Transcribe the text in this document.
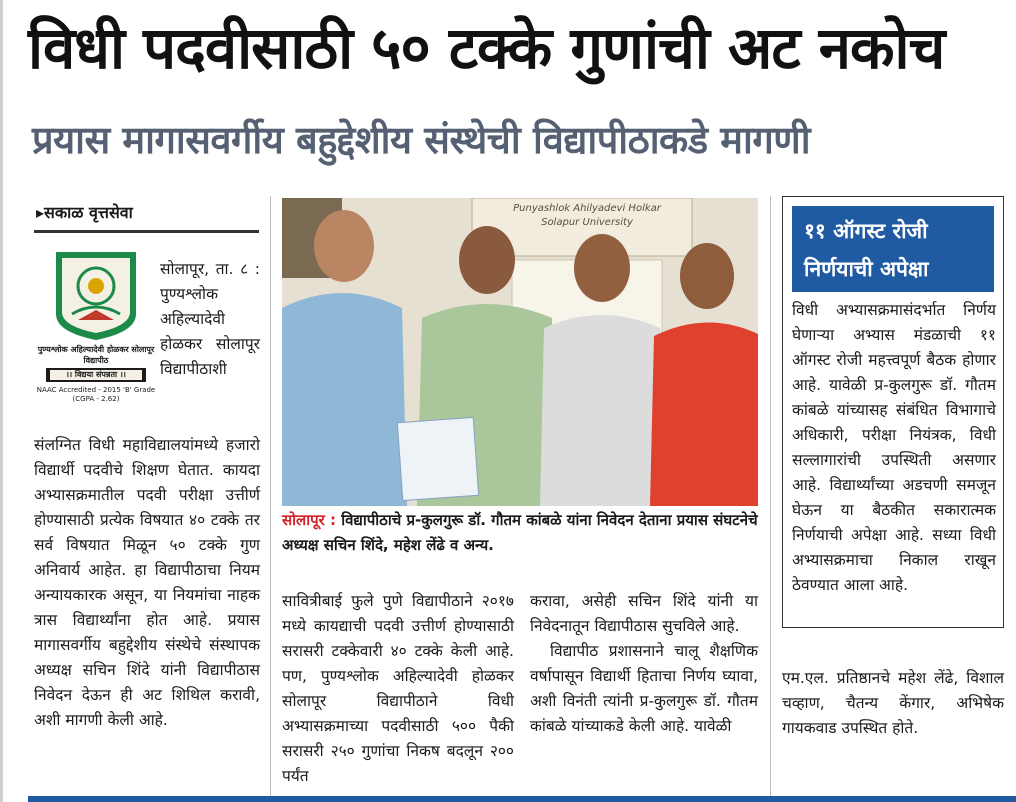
विधी पदवीसाठी ५० टक्के गुणांची अट नकोच
प्रयास मागासवर्गीय बहुद्देशीय संस्थेची विद्यापीठाकडे मागणी
▸सकाळ वृत्तसेवा
पुण्यश्लोक अहिल्यादेवी होळकर सोलापूर विद्यापीठ
।। विद्यया संपन्नता ।।
NAAC Accredited - 2015 'B' Grade (CGPA - 2.62)
सोलापूर, ता. ८ : पुण्यश्लोक अहिल्यादेवी होळकर सोलापूर विद्यापीठाशी
संलग्नित विधी महाविद्यालयांमध्ये हजारो विद्यार्थी पदवीचे शिक्षण घेतात. कायदा अभ्यासक्रमातील पदवी परीक्षा उत्तीर्ण होण्यासाठी प्रत्येक विषयात ४० टक्के तर सर्व विषयात मिळून ५० टक्के गुण अनिवार्य आहेत. हा विद्यापीठाचा नियम अन्यायकारक असून, या नियमांचा नाहक त्रास विद्यार्थ्यांना होत आहे. प्रयास मागासवर्गीय बहुद्देशीय संस्थेचे संस्थापक अध्यक्ष सचिन शिंदे यांनी विद्यापीठास निवेदन देऊन ही अट शिथिल करावी, अशी मागणी केली आहे.
Punyashlok Ahilyadevi Holkar
Solapur University
सोलापूर : विद्यापीठाचे प्र-कुलगुरू डॉ. गौतम कांबळे यांना निवेदन देताना प्रयास संघटनेचे अध्यक्ष सचिन शिंदे, महेश लेंढे व अन्य.
सावित्रीबाई फुले पुणे विद्यापीठाने २०१७ मध्ये कायद्याची पदवी उत्तीर्ण होण्यासाठी सरासरी टक्केवारी ४० टक्के केली आहे. पण, पुण्यश्लोक अहिल्यादेवी होळकर सोलापूर विद्यापीठाने विधी अभ्यासक्रमाच्या पदवीसाठी ५०० पैकी सरासरी २५० गुणांचा निकष बदलून २०० पर्यंत

करावा, असेही सचिन शिंदे यांनी या निवेदनातून विद्यापीठास सुचविले आहे.

विद्यापीठ प्रशासनाने चालू शैक्षणिक वर्षापासून विद्यार्थी हिताचा निर्णय घ्यावा, अशी विनंती त्यांनी प्र-कुलगुरू डॉ. गौतम कांबळे यांच्याकडे केली आहे. यावेळी

११ ऑगस्ट रोजी निर्णयाची अपेक्षा
विधी अभ्यासक्रमासंदर्भात निर्णय घेणाऱ्या अभ्यास मंडळाची ११ ऑगस्ट रोजी महत्त्वपूर्ण बैठक होणार आहे. यावेळी प्र-कुलगुरू डॉ. गौतम कांबळे यांच्यासह संबंधित विभागाचे अधिकारी, परीक्षा नियंत्रक, विधी सल्लागारांची उपस्थिती असणार आहे. विद्यार्थ्यांच्या अडचणी समजून घेऊन या बैठकीत सकारात्मक निर्णयाची अपेक्षा आहे. सध्या विधी अभ्यासक्रमाचा निकाल राखून ठेवण्यात आला आहे.
एम.एल. प्रतिष्ठानचे महेश लेंढे, विशाल चव्हाण, चैतन्य केंगार, अभिषेक गायकवाड उपस्थित होते.
